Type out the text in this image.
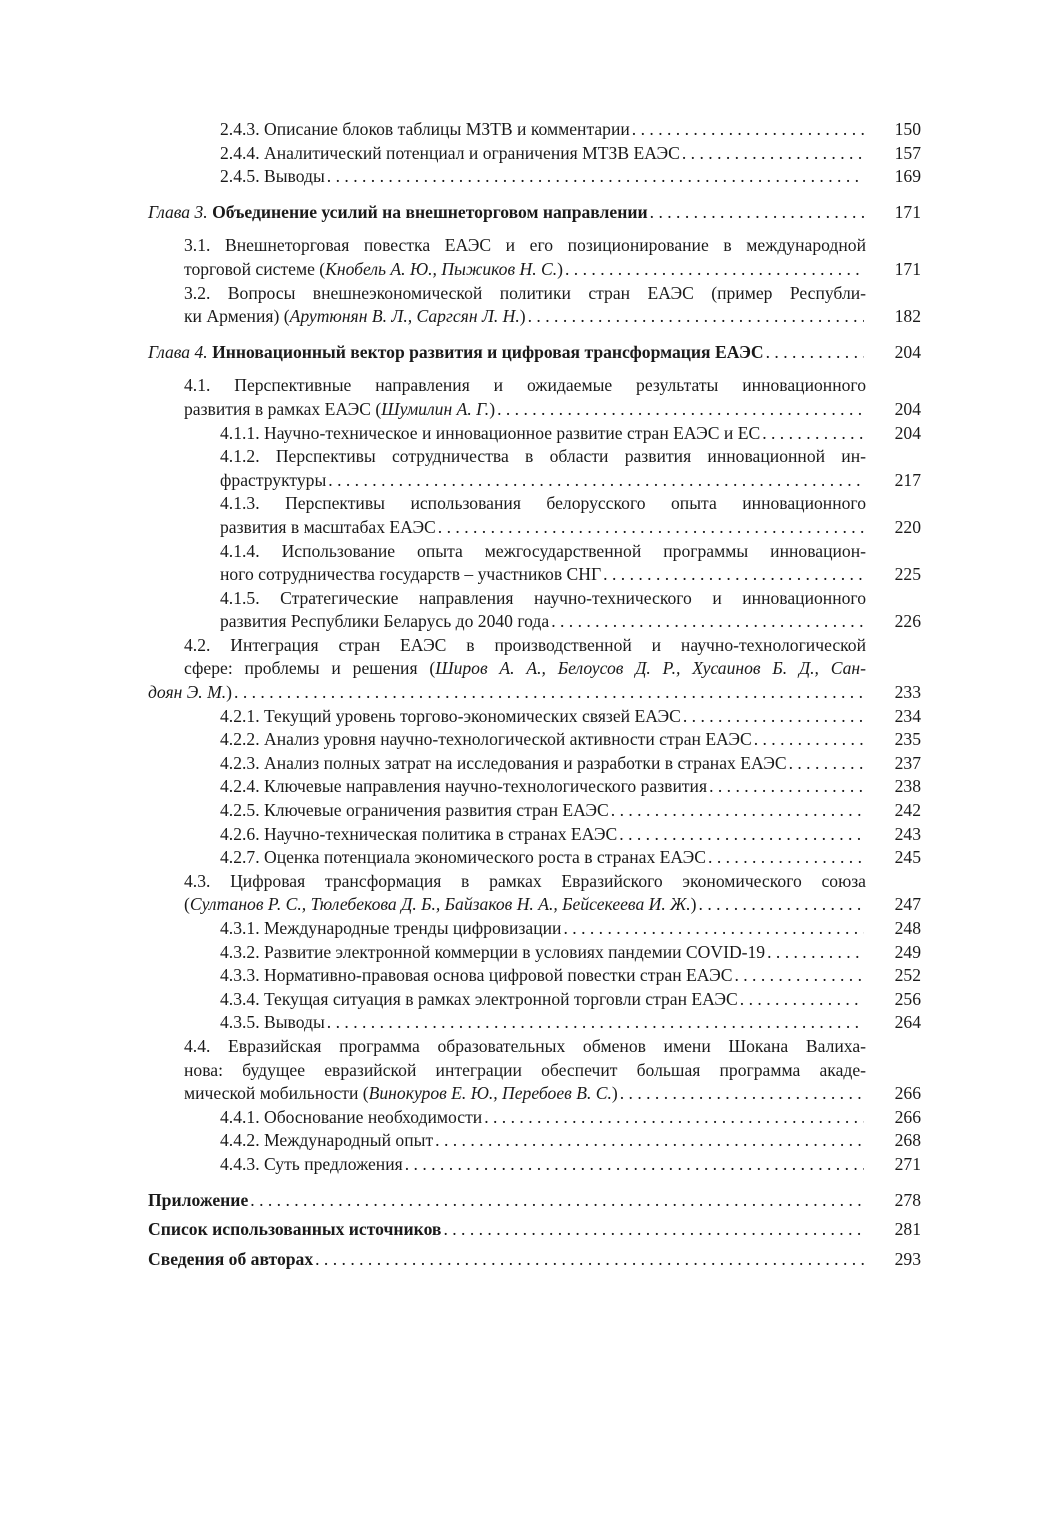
2.4.3. Описание блоков таблицы МЗТВ и комментарии . . .	150
2.4.4. Аналитический потенциал и ограничения МТЗВ ЕАЭС . . .	157
2.4.5. Выводы . . .	169
Глава 3. Объединение усилий на внешнеторговом направлении . . .	171
3.1. Внешнеторговая повестка ЕАЭС и его позиционирование в международной
торговой системе (Кнобель А. Ю., Пыжиков Н. С.) . . .	171
3.2. Вопросы внешнеэкономической политики стран ЕАЭС (пример Республи-
ки Армения) (Арутюнян В. Л., Саргсян Л. Н.) . . .	182
Глава 4. Инновационный вектор развития и цифровая трансформация ЕАЭС . . .	204
4.1. Перспективные направления и ожидаемые результаты инновационного
развития в рамках ЕАЭС (Шумилин А. Г.) . . .	204
4.1.1. Научно-техническое и инновационное развитие стран ЕАЭС и ЕС . . .	204
4.1.2. Перспективы сотрудничества в области развития инновационной ин-
фраструктуры . . .	217
4.1.3. Перспективы использования белорусского опыта инновационного
развития в масштабах ЕАЭС . . .	220
4.1.4. Использование опыта межгосударственной программы инновацион-
ного сотрудничества государств – участников СНГ . . .	225
4.1.5. Стратегические направления научно-технического и инновационного
развития Республики Беларусь до 2040 года . . .	226
4.2. Интеграция стран ЕАЭС в производственной и научно-технологической
сфере: проблемы и решения (Широв А. А., Белоусов Д. Р., Хусаинов Б. Д., Сан-
доян Э. М.) . . .	233
4.2.1. Текущий уровень торгово-экономических связей ЕАЭС . . .	234
4.2.2. Анализ уровня научно-технологической активности стран ЕАЭС . . .	235
4.2.3. Анализ полных затрат на исследования и разработки в странах ЕАЭС . . .	237
4.2.4. Ключевые направления научно-технологического развития . . .	238
4.2.5. Ключевые ограничения развития стран ЕАЭС . . .	242
4.2.6. Научно-техническая политика в странах ЕАЭС . . .	243
4.2.7. Оценка потенциала экономического роста в странах ЕАЭС . . .	245
4.3. Цифровая трансформация в рамках Евразийского экономического союза
(Султанов Р. С., Тюлебекова Д. Б., Байзаков Н. А., Бейсекеева И. Ж.) . . .	247
4.3.1. Международные тренды цифровизации . . .	248
4.3.2. Развитие электронной коммерции в условиях пандемии COVID-19 . . .	249
4.3.3. Нормативно-правовая основа цифровой повестки стран ЕАЭС . . .	252
4.3.4. Текущая ситуация в рамках электронной торговли стран ЕАЭС . . .	256
4.3.5. Выводы . . .	264
4.4. Евразийская программа образовательных обменов имени Шокана Валиха-
нова: будущее евразийской интеграции обеспечит большая программа акаде-
мической мобильности (Винокуров Е. Ю., Перебоев В. С.) . . .	266
4.4.1. Обоснование необходимости . . .	266
4.4.2. Международный опыт . . .	268
4.4.3. Суть предложения . . .	271
Приложение . . .	278
Список использованных источников . . .	281
Сведения об авторах . . .	293
